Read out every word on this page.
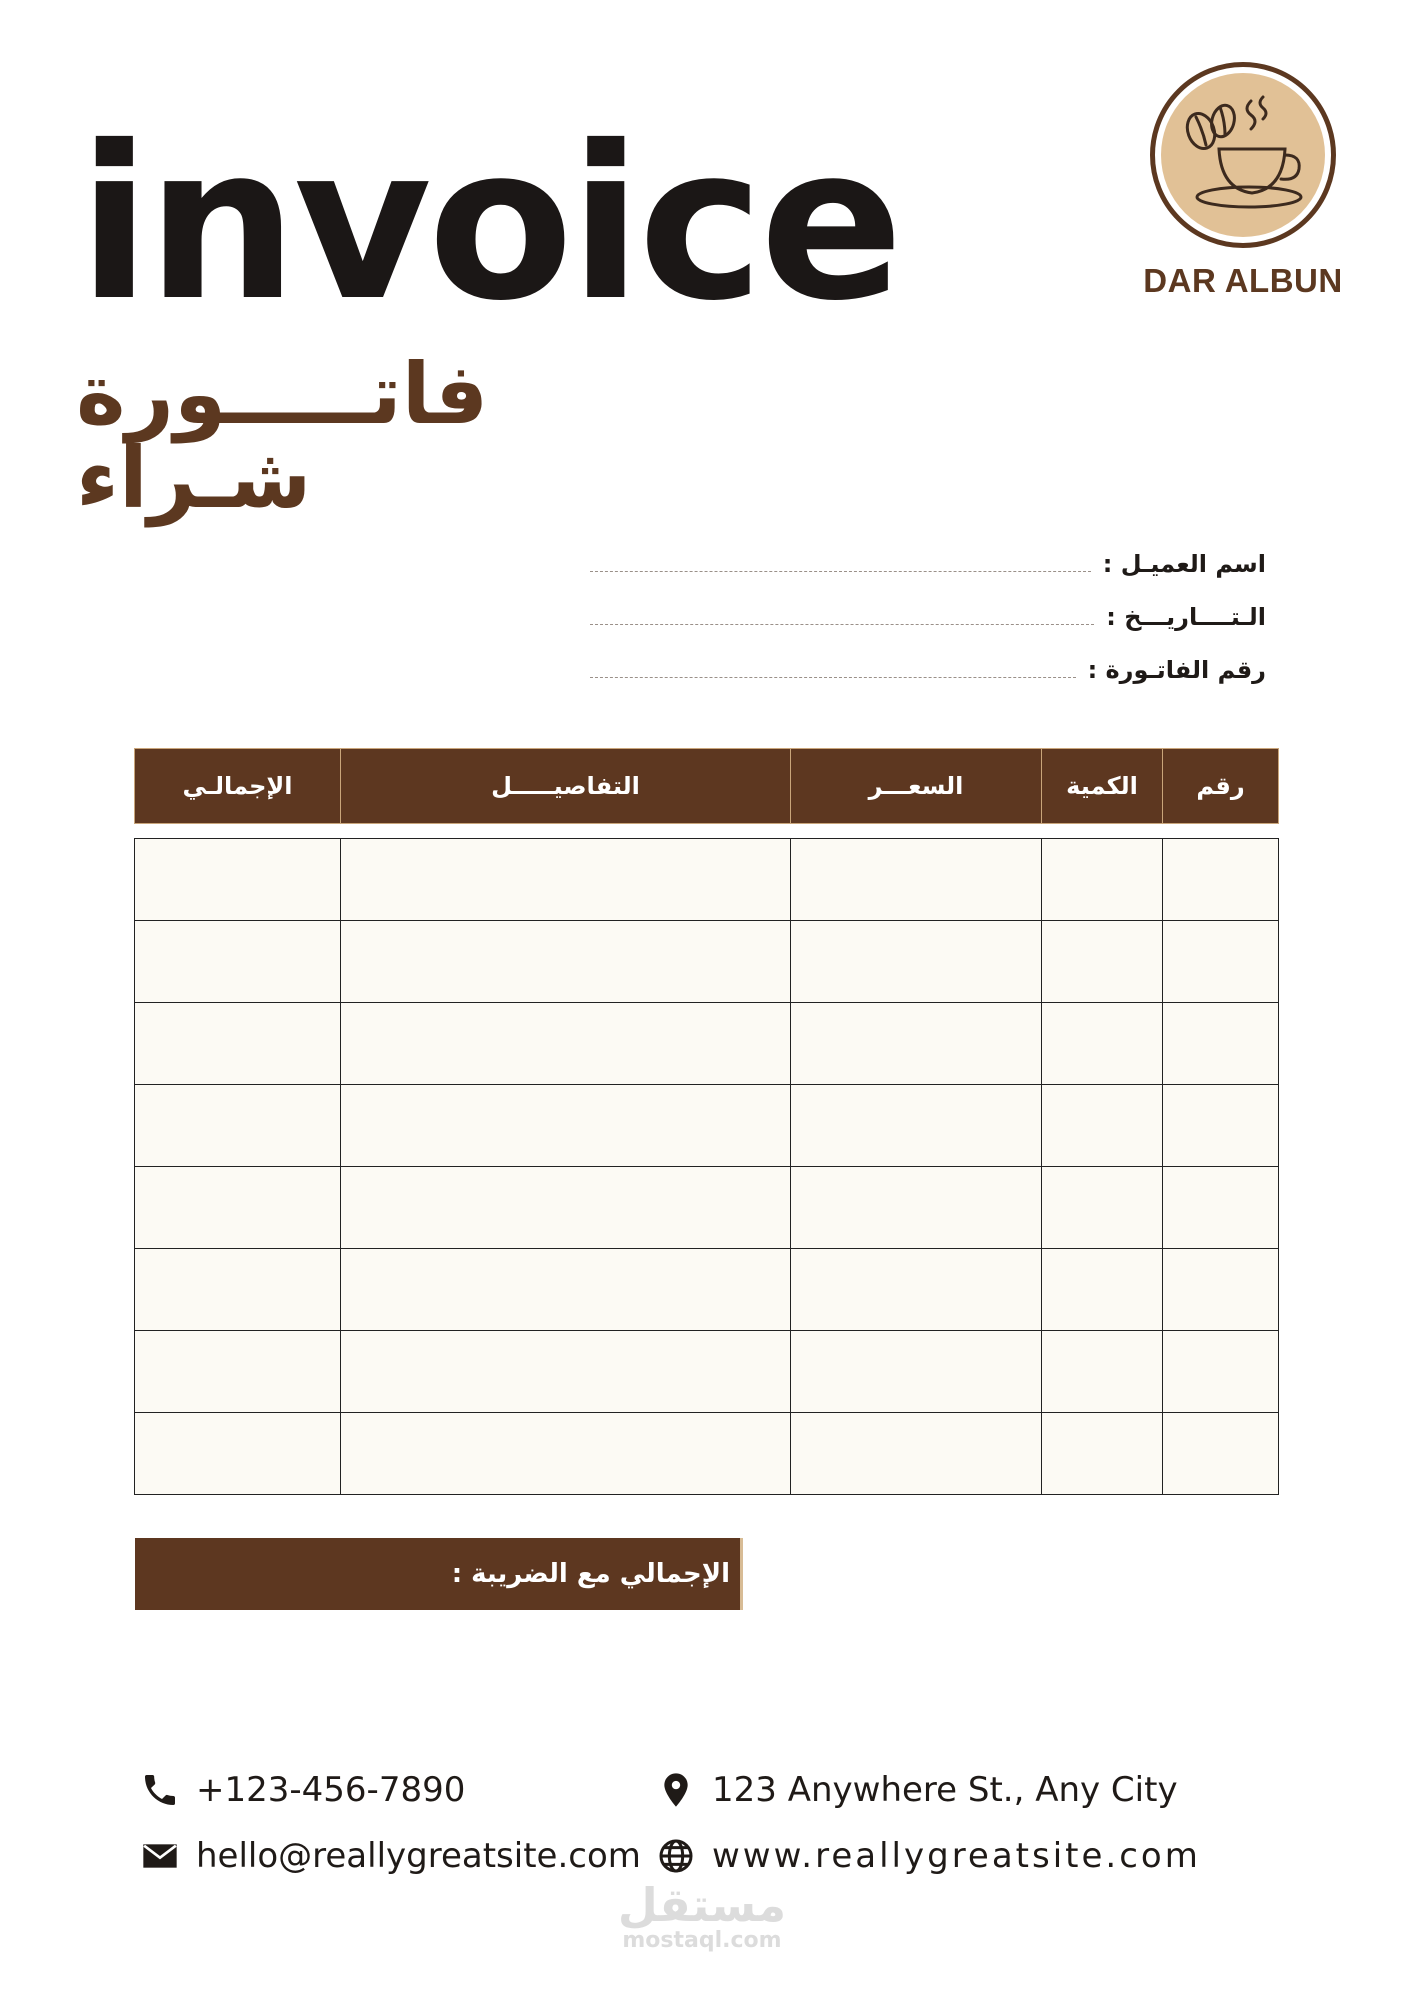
invoice
فاتـــــورة شـراء
DAR ALBUN
اسم العميـل :
الـتــــاريـــخ :
رقم الفاتـورة :
الإجمالـي	التفاصيـــــل	السعـــر	الكمية	رقم

الإجمالي مع الضريبة :
+123-456-7890
hello@reallygreatsite.com
123 Anywhere St., Any City
www.reallygreatsite.com
مستقل
mostaql.com
